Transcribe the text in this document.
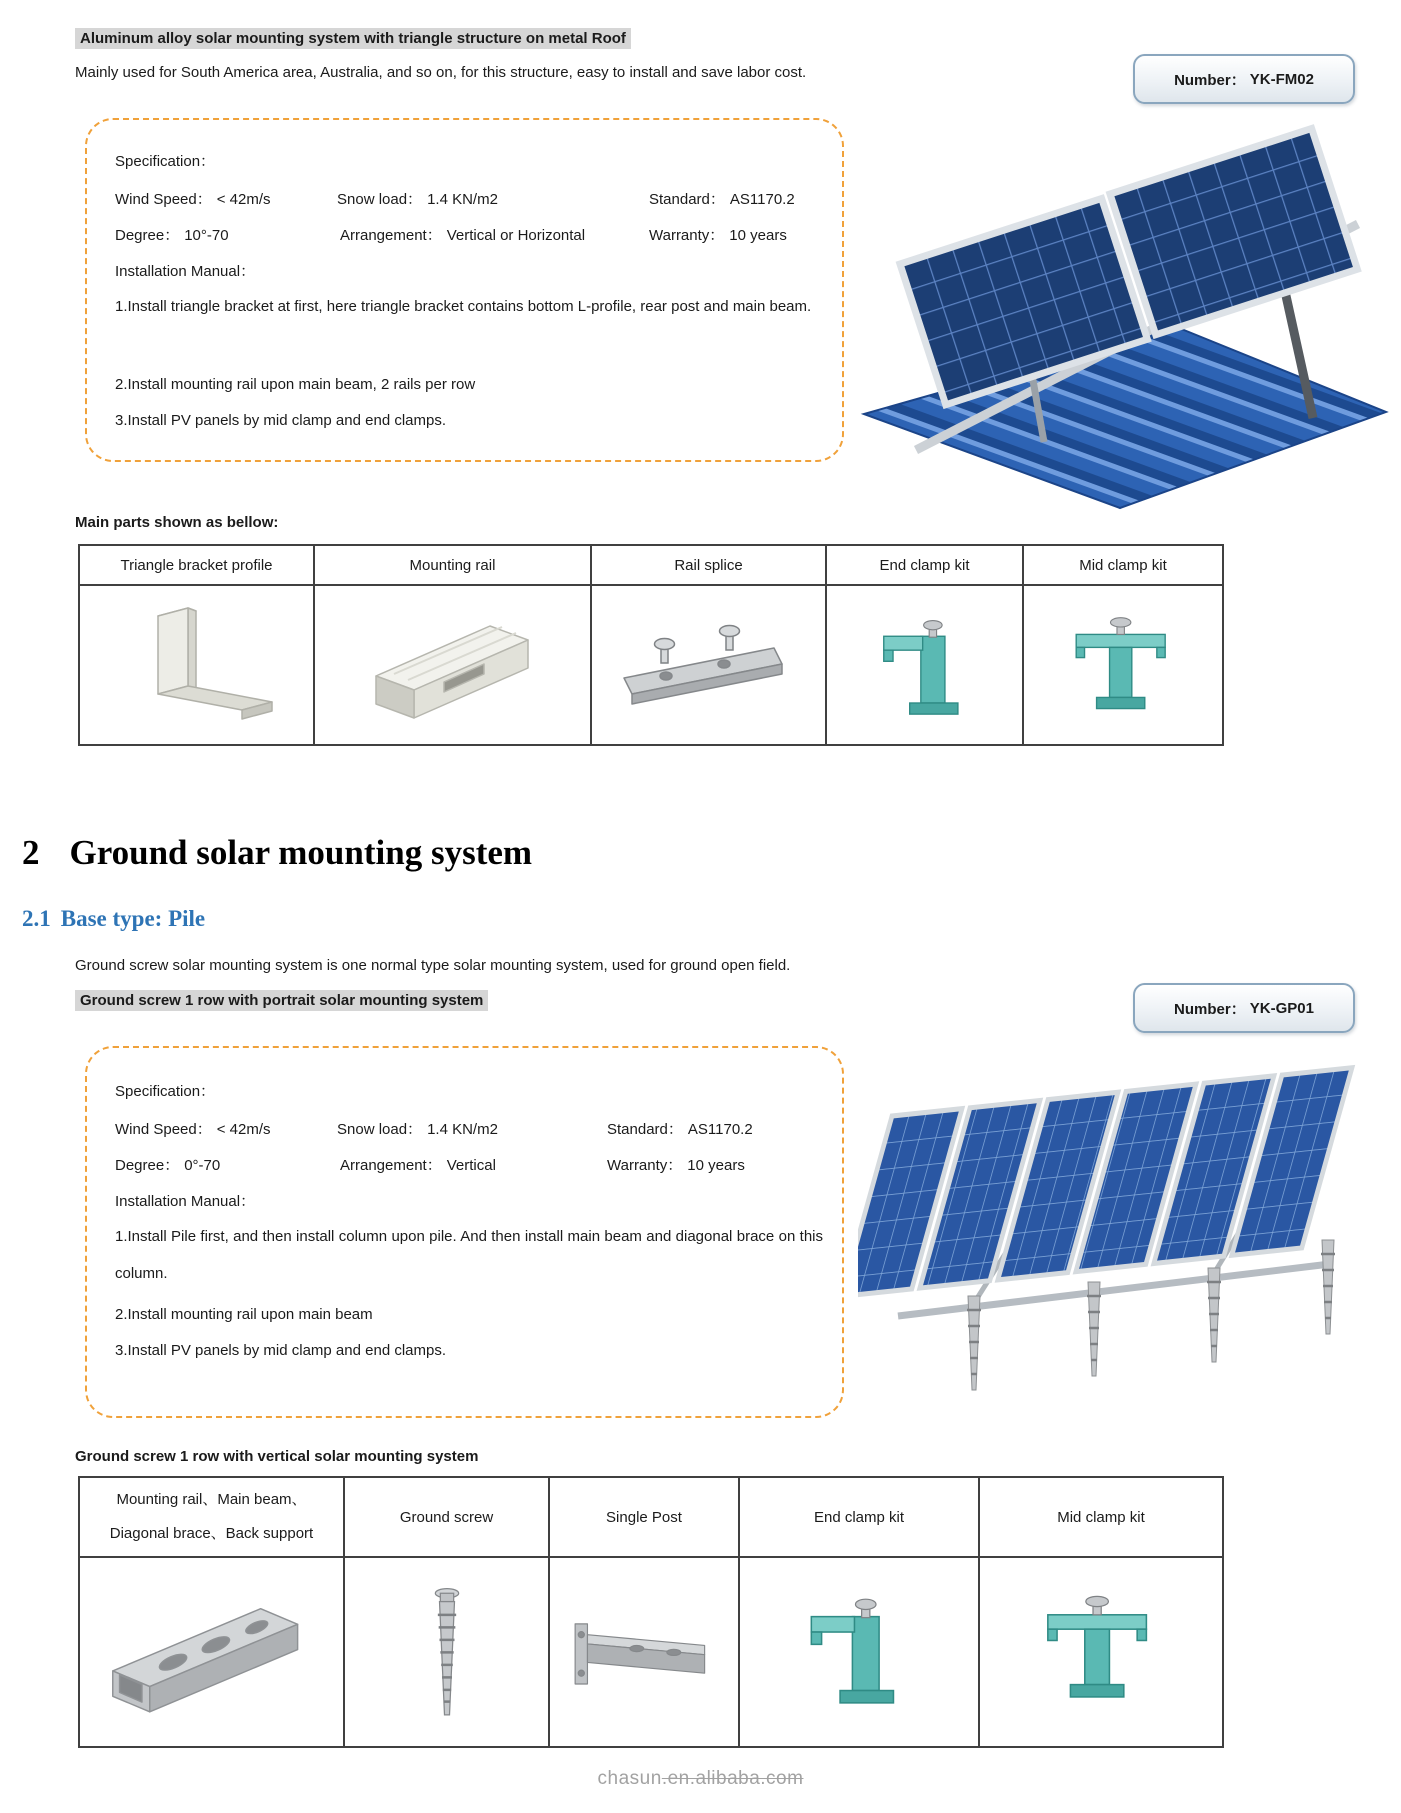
Aluminum alloy solar mounting system with triangle structure on metal Roof
Mainly used for South America area, Australia, and so on, for this structure, easy to install and save labor cost.	Number： YK-FM02
Specification：
Wind Speed： < 42m/s	Snow load： 1.4 KN/m2	Standard： AS1170.2
Degree： 10°-70	Arrangement： Vertical or Horizontal	Warranty： 10 years
Installation Manual：
1.Install triangle bracket at first, here triangle bracket contains bottom L-profile, rear post and main beam.
2.Install mounting rail upon main beam, 2 rails per row
3.Install PV panels by mid clamp and end clamps.
Main parts shown as bellow:
Triangle bracket profile	Mounting rail	Rail splice	End clamp kit	Mid clamp kit

2 Ground solar mounting system
2.1 Base type: Pile
Ground screw solar mounting system is one normal type solar mounting system, used for ground open field.
Ground screw 1 row with portrait solar mounting system	Number： YK-GP01
Specification：
Wind Speed： < 42m/s	Snow load： 1.4 KN/m2	Standard： AS1170.2
Degree： 0°-70	Arrangement： Vertical	Warranty： 10 years
Installation Manual：
1.Install Pile first, and then install column upon pile. And then install main beam and diagonal brace on this column.
2.Install mounting rail upon main beam
3.Install PV panels by mid clamp and end clamps.
Ground screw 1 row with vertical solar mounting system
Mounting rail、Main beam、
Diagonal brace、Back support	Ground screw	Single Post	End clamp kit	Mid clamp kit

chasun.en.alibaba.com
